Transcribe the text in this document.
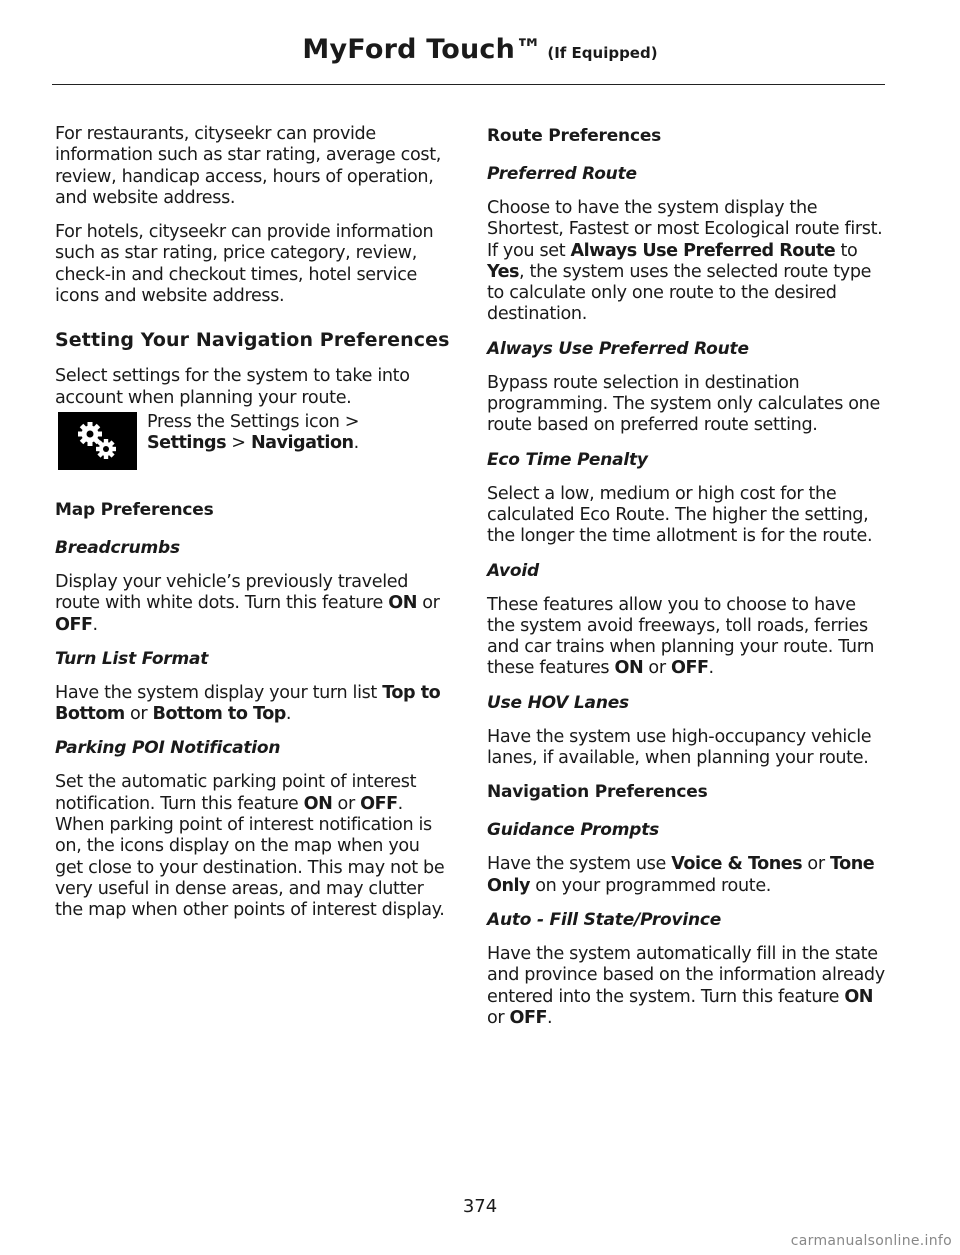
MyFord Touch™ (If Equipped)

For restaurants, cityseekr can provide information such as star rating, average cost, review, handicap access, hours of operation, and website address.

For hotels, cityseekr can provide information such as star rating, price category, review, check-in and checkout times, hotel service icons and website address.

Setting Your Navigation Preferences

Select settings for the system to take into account when planning your route.

Press the Settings icon >
Settings > Navigation.

Map Preferences
Breadcrumbs

Display your vehicle’s previously traveled route with white dots. Turn this feature ON or OFF.

Turn List Format

Have the system display your turn list Top to Bottom or Bottom to Top.

Parking POI Notification

Set the automatic parking point of interest notification. Turn this feature ON or OFF. When parking point of interest notification is on, the icons display on the map when you get close to your destination. This may not be very useful in dense areas, and may clutter the map when other points of interest display.

Route Preferences
Preferred Route

Choose to have the system display the Shortest, Fastest or most Ecological route first. If you set Always Use Preferred Route to Yes, the system uses the selected route type to calculate only one route to the desired destination.

Always Use Preferred Route

Bypass route selection in destination programming. The system only calculates one route based on preferred route setting.

Eco Time Penalty

Select a low, medium or high cost for the calculated Eco Route. The higher the setting, the longer the time allotment is for the route.

Avoid

These features allow you to choose to have the system avoid freeways, toll roads, ferries and car trains when planning your route. Turn these features ON or OFF.

Use HOV Lanes

Have the system use high-occupancy vehicle lanes, if available, when planning your route.

Navigation Preferences
Guidance Prompts

Have the system use Voice & Tones or Tone Only on your programmed route.

Auto - Fill State/Province

Have the system automatically fill in the state and province based on the information already entered into the system. Turn this feature ON or OFF.

374
carmanualsonline.info
